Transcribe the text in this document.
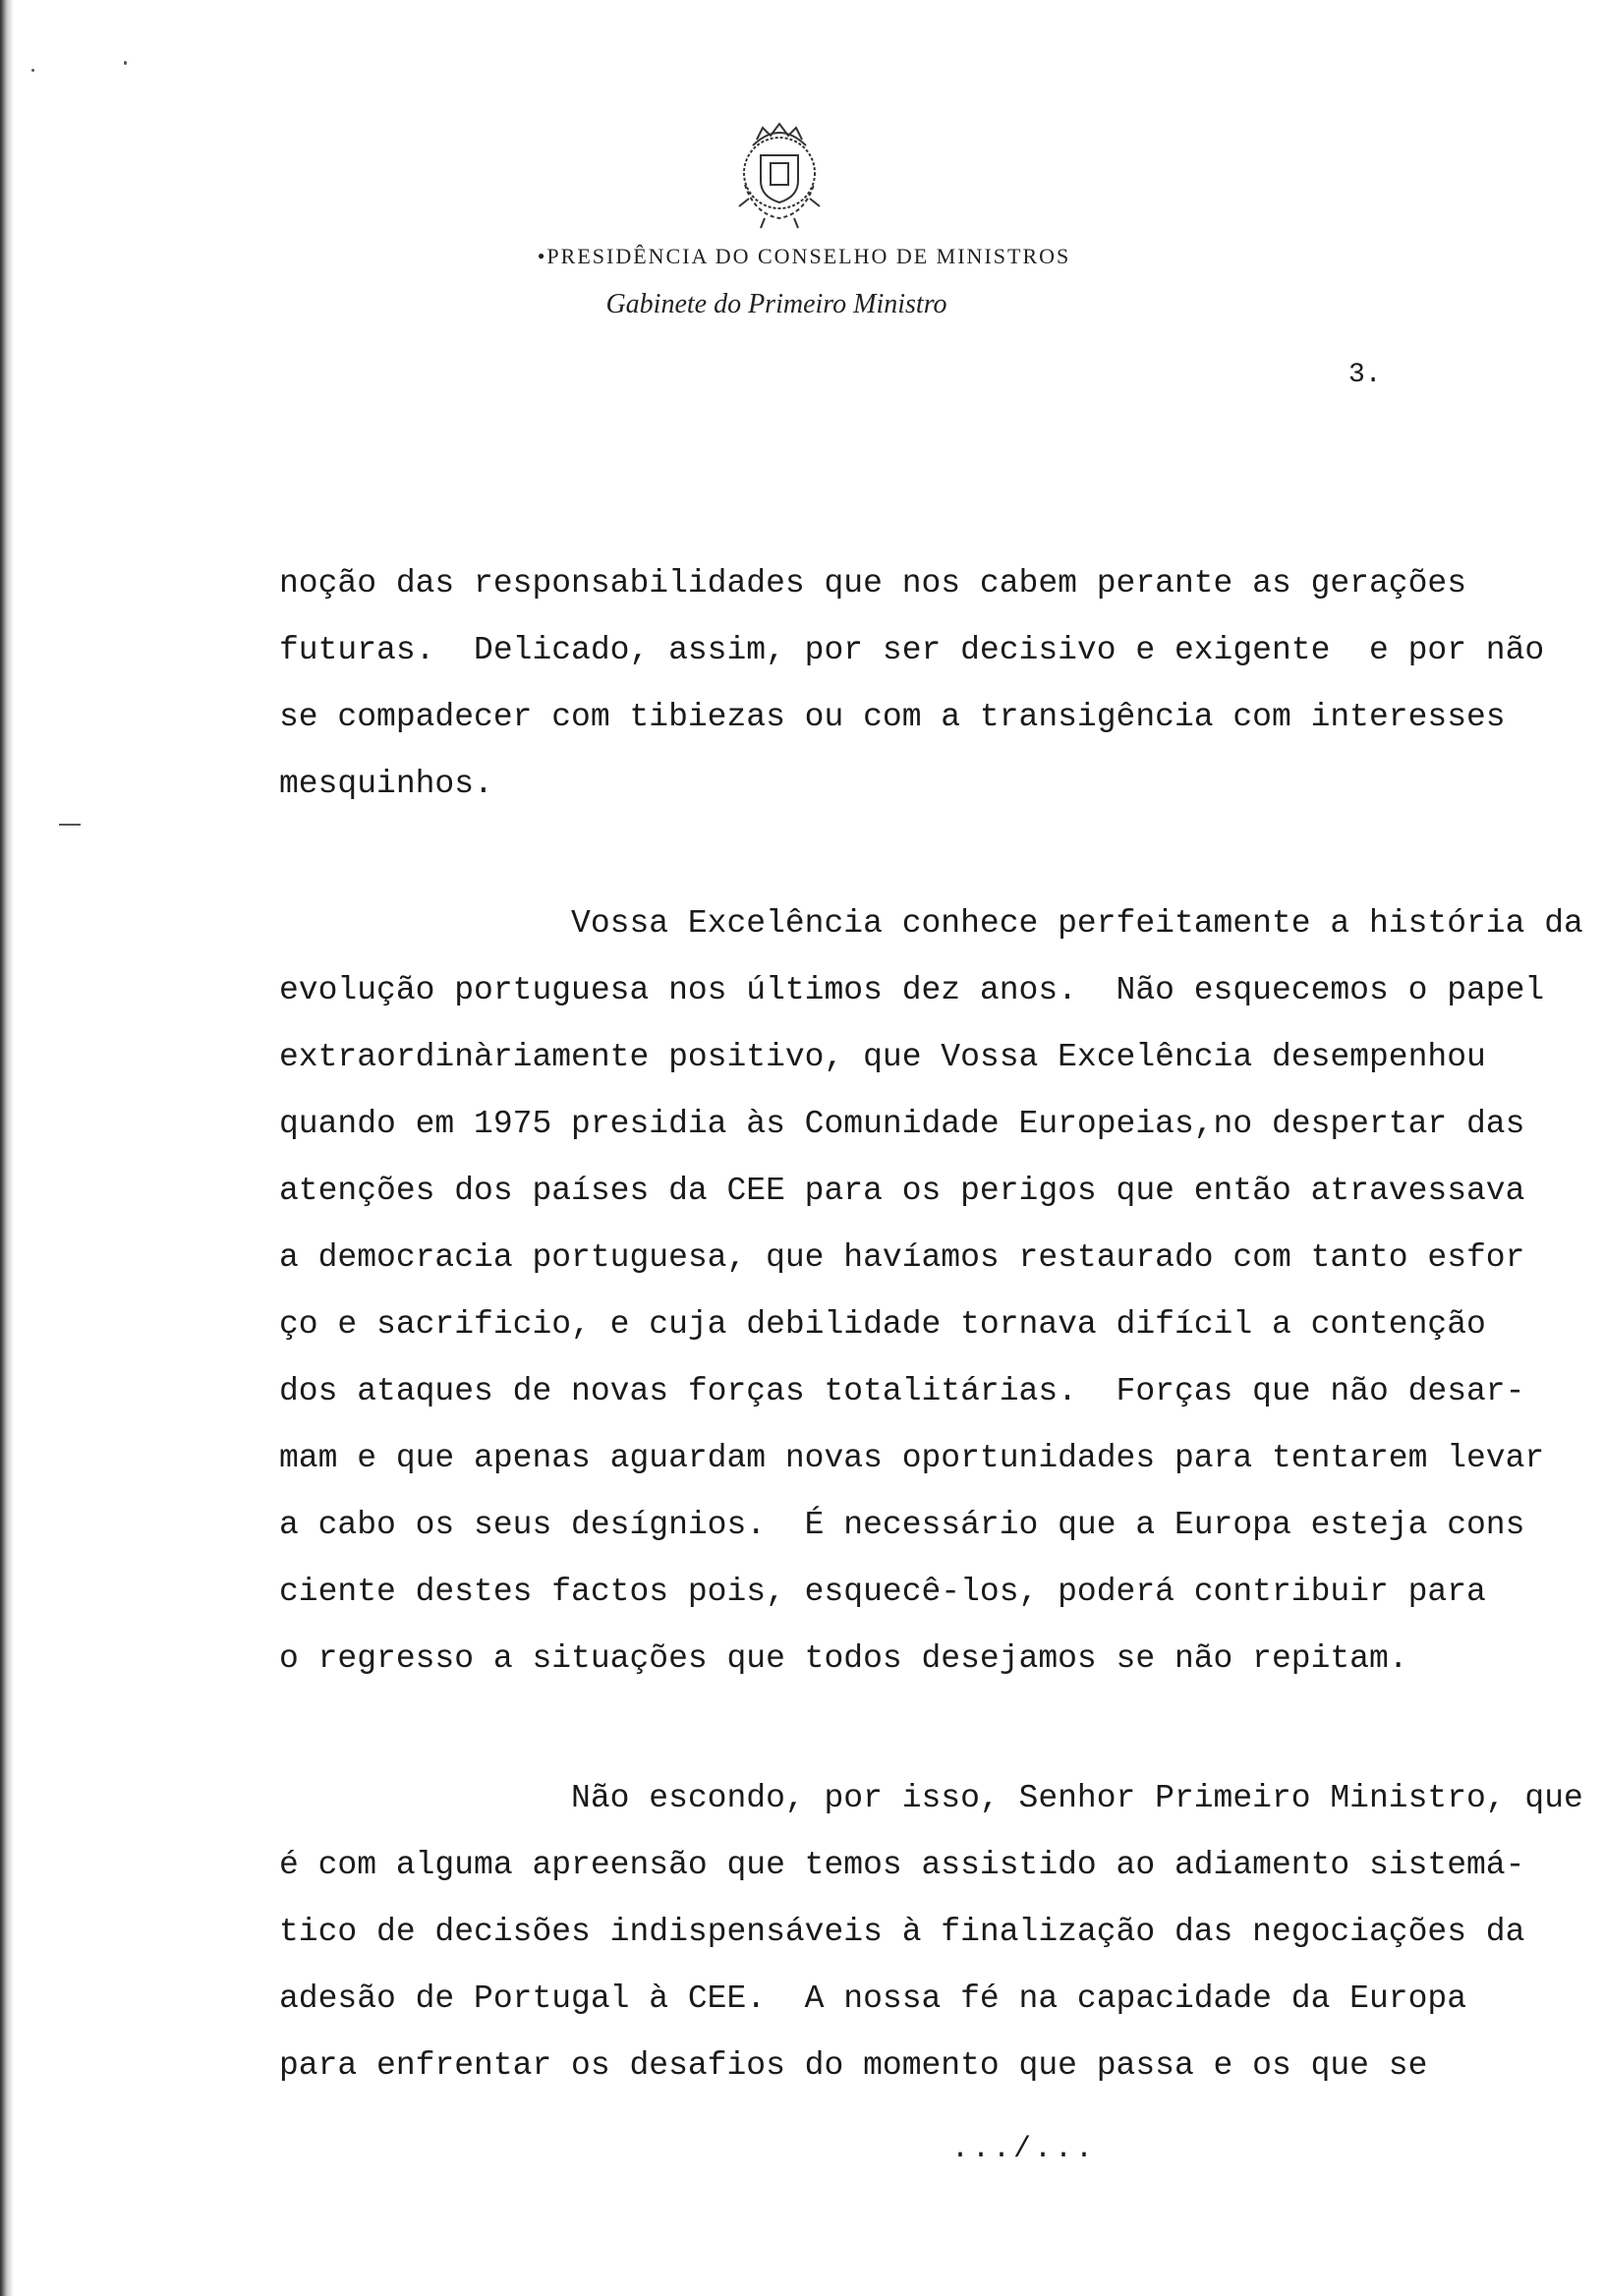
•PRESIDÊNCIA DO CONSELHO DE MINISTROS
Gabinete do Primeiro Ministro
3.
noção das responsabilidades que nos cabem perante as gerações
futuras.  Delicado, assim, por ser decisivo e exigente  e por não
se compadecer com tibiezas ou com a transigência com interesses
mesquinhos.
Vossa Excelência conhece perfeitamente a história da
evolução portuguesa nos últimos dez anos.  Não esquecemos o papel
extraordinàriamente positivo, que Vossa Excelência desempenhou
quando em 1975 presidia às Comunidade Europeias,no despertar das
atenções dos países da CEE para os perigos que então atravessava
a democracia portuguesa, que havíamos restaurado com tanto esfor
ço e sacrificio, e cuja debilidade tornava difícil a contenção
dos ataques de novas forças totalitárias.  Forças que não desar-
mam e que apenas aguardam novas oportunidades para tentarem levar
a cabo os seus desígnios.  É necessário que a Europa esteja cons
ciente destes factos pois, esquecê-los, poderá contribuir para
o regresso a situações que todos desejamos se não repitam.
Não escondo, por isso, Senhor Primeiro Ministro, que
é com alguma apreensão que temos assistido ao adiamento sistemá-
tico de decisões indispensáveis à finalização das negociações da
adesão de Portugal à CEE.  A nossa fé na capacidade da Europa
para enfrentar os desafios do momento que passa e os que se
.../...
